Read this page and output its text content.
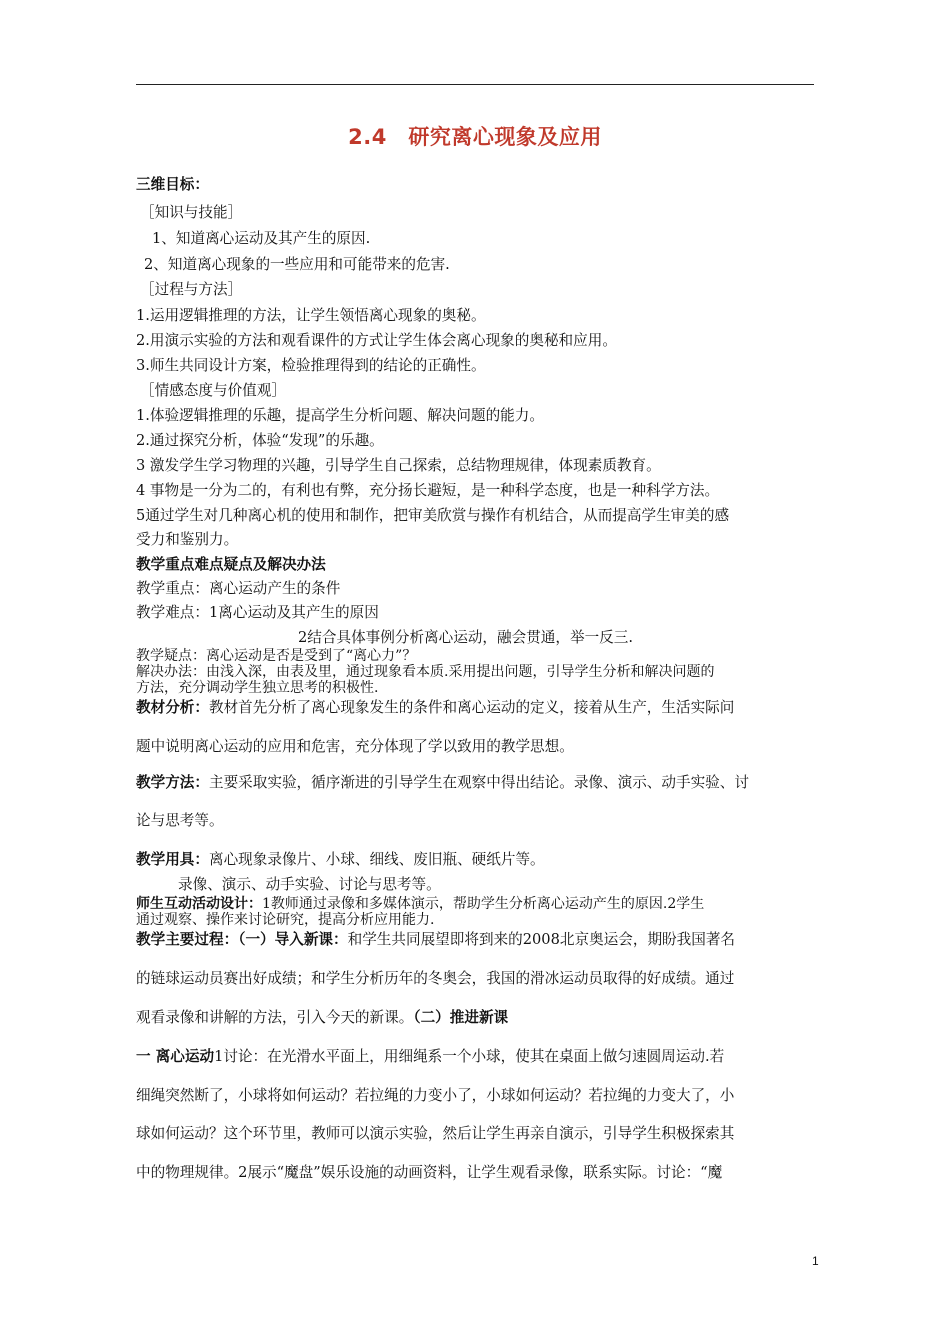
2.4　研究离心现象及应用
三维目标：
［知识与技能］
1、知道离心运动及其产生的原因.
2、知道离心现象的一些应用和可能带来的危害.
［过程与方法］
1.运用逻辑推理的方法，让学生领悟离心现象的奥秘。
2.用演示实验的方法和观看课件的方式让学生体会离心现象的奥秘和应用。
3.师生共同设计方案，检验推理得到的结论的正确性。
［情感态度与价值观］
1.体验逻辑推理的乐趣，提高学生分析问题、解决问题的能力。
2.通过探究分析，体验“发现”的乐趣。
3 激发学生学习物理的兴趣，引导学生自己探索，总结物理规律，体现素质教育。
4 事物是一分为二的，有利也有弊，充分扬长避短，是一种科学态度，也是一种科学方法。
5通过学生对几种离心机的使用和制作，把审美欣赏与操作有机结合，从而提高学生审美的感
受力和鉴别力。
教学重点难点疑点及解决办法
教学重点：离心运动产生的条件
教学难点：1离心运动及其产生的原因
2结合具体事例分析离心运动，融会贯通，举一反三.
教学疑点：离心运动是否是受到了“离心力”？
解决办法：由浅入深，由表及里，通过现象看本质.采用提出问题，引导学生分析和解决问题的
方法，充分调动学生独立思考的积极性.
教材分析：教材首先分析了离心现象发生的条件和离心运动的定义，接着从生产，生活实际问
题中说明离心运动的应用和危害，充分体现了学以致用的教学思想。
教学方法：主要采取实验，循序渐进的引导学生在观察中得出结论。录像、演示、动手实验、讨
论与思考等。
教学用具：离心现象录像片、小球、细线、废旧瓶、硬纸片等。
录像、演示、动手实验、讨论与思考等。
师生互动活动设计：1教师通过录像和多媒体演示，帮助学生分析离心运动产生的原因.2学生
通过观察、操作来讨论研究，提高分析应用能力.
教学主要过程：（一）导入新课：和学生共同展望即将到来的2008北京奥运会，期盼我国著名
的链球运动员赛出好成绩；和学生分析历年的冬奥会，我国的滑冰运动员取得的好成绩。通过
观看录像和讲解的方法，引入今天的新课。（二）推进新课
一 离心运动1讨论：在光滑水平面上，用细绳系一个小球，使其在桌面上做匀速圆周运动.若
细绳突然断了，小球将如何运动？若拉绳的力变小了，小球如何运动？若拉绳的力变大了，小
球如何运动？这个环节里，教师可以演示实验，然后让学生再亲自演示，引导学生积极探索其
中的物理规律。2展示“魔盘”娱乐设施的动画资料，让学生观看录像，联系实际。讨论：“魔
1
